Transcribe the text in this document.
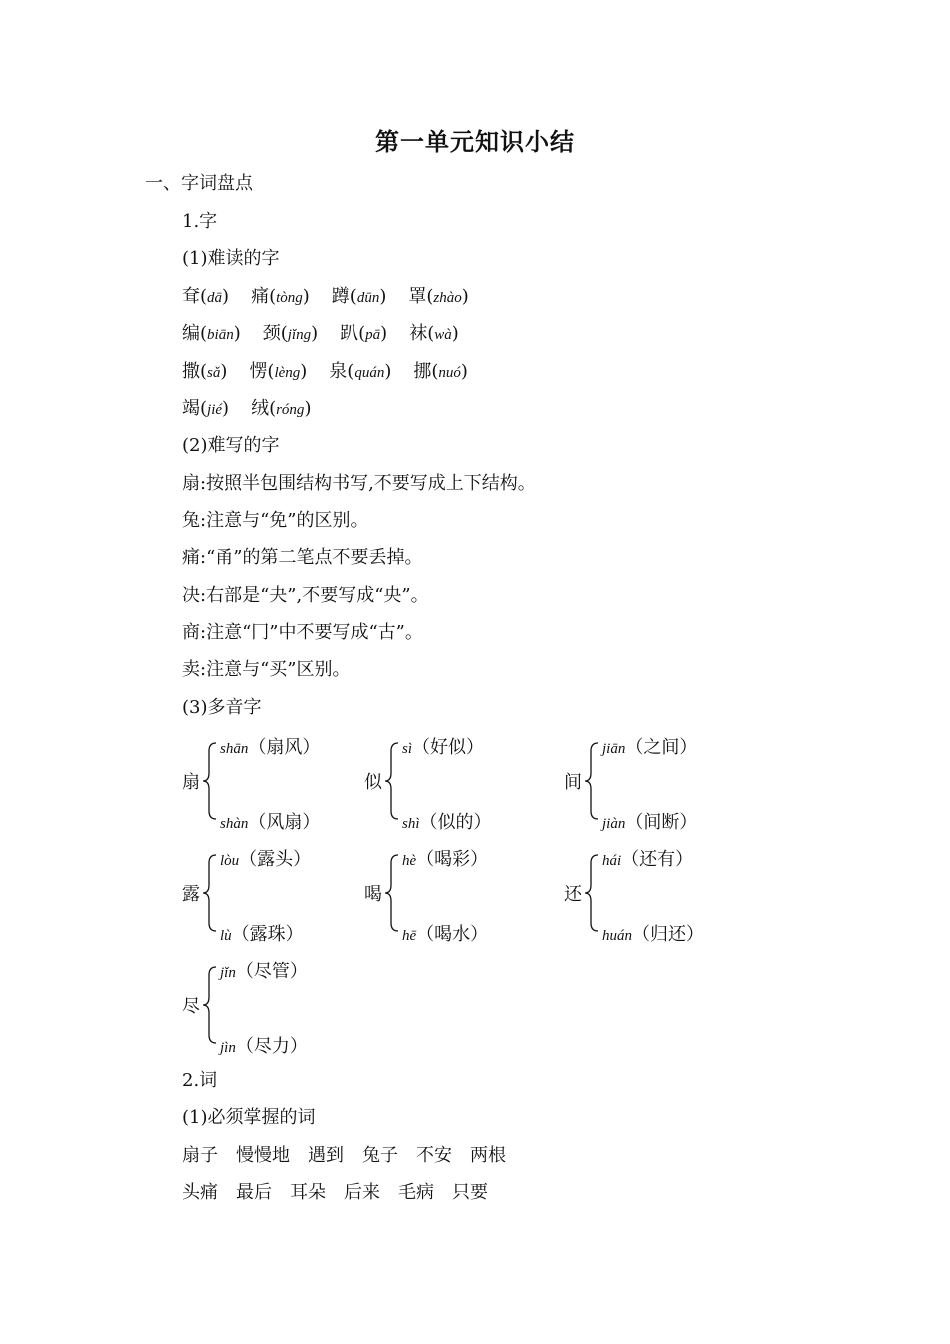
第一单元知识小结
一、字词盘点
1.字
(1)难读的字
耷(dā) 痛(tòng) 蹲(dūn) 罩(zhào)
编(biān) 颈(jǐng) 趴(pā) 袜(wà)
撒(sǎ) 愣(lèng) 泉(quán) 挪(nuó)
竭(jié) 绒(róng)
(2)难写的字
扇:按照半包围结构书写,不要写成上下结构。
兔:注意与“免”的区别。
痛:“甬”的第二笔点不要丢掉。
决:右部是“夬”,不要写成“央”。
商:注意“冂”中不要写成“古”。
卖:注意与“买”区别。
(3)多音字
扇
shān（扇风）
shàn（风扇）
似
sì（好似）
shì（似的）
间
jiān（之间）
jiàn（间断）
露
lòu（露头）
lù（露珠）
喝
hè（喝彩）
hē（喝水）
还
hái（还有）
huán（归还）
尽
jǐn（尽管）
jìn（尽力）
2.词
(1)必须掌握的词
扇子 慢慢地 遇到 兔子 不安 两根
头痛 最后 耳朵 后来 毛病 只要
